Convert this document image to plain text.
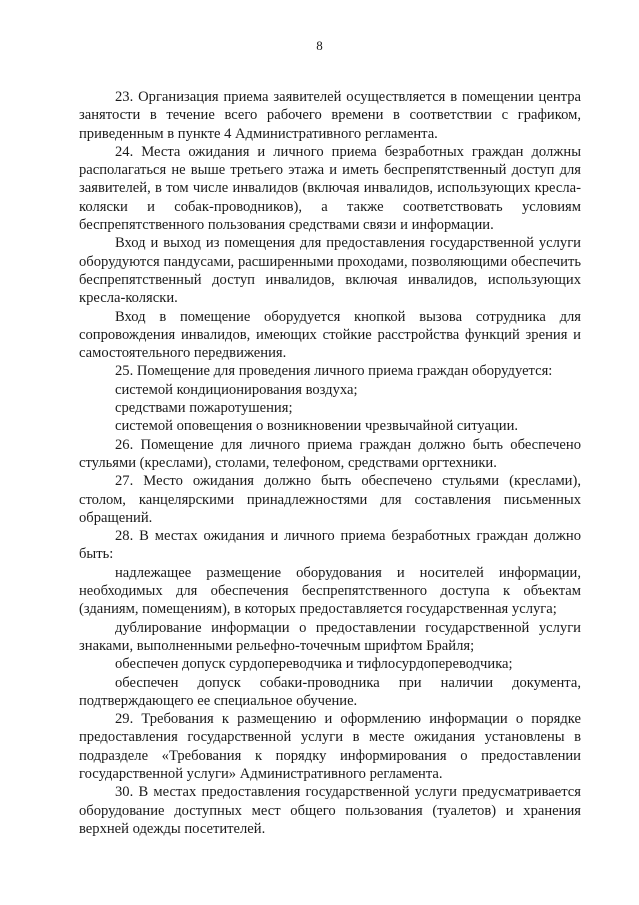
8

23. Организация приема заявителей осуществляется в помещении центра занятости в течение всего рабочего времени в соответствии с графиком, приведенным в пункте 4 Административного регламента.

24. Места ожидания и личного приема безработных граждан должны располагаться не выше третьего этажа и иметь беспрепятственный доступ для заявителей, в том числе инвалидов (включая инвалидов, использующих кресла-коляски и собак-проводников), а также соответствовать условиям беспрепятственного пользования средствами связи и информации.

Вход и выход из помещения для предоставления государственной услуги оборудуются пандусами, расширенными проходами, позволяющими обеспечить беспрепятственный доступ инвалидов, включая инвалидов, использующих кресла-коляски.

Вход в помещение оборудуется кнопкой вызова сотрудника для сопровождения инвалидов, имеющих стойкие расстройства функций зрения и самостоятельного передвижения.

25. Помещение для проведения личного приема граждан оборудуется:

системой кондиционирования воздуха;

средствами пожаротушения;

системой оповещения о возникновении чрезвычайной ситуации.

26. Помещение для личного приема граждан должно быть обеспечено стульями (креслами), столами, телефоном, средствами оргтехники.

27. Место ожидания должно быть обеспечено стульями (креслами), столом, канцелярскими принадлежностями для составления письменных обращений.

28. В местах ожидания и личного приема безработных граждан должно быть:

надлежащее размещение оборудования и носителей информации, необходимых для обеспечения беспрепятственного доступа к объектам (зданиям, помещениям), в которых предоставляется государственная услуга;

дублирование информации о предоставлении государственной услуги знаками, выполненными рельефно-точечным шрифтом Брайля;

обеспечен допуск сурдопереводчика и тифлосурдопереводчика;

обеспечен допуск собаки-проводника при наличии документа, подтверждающего ее специальное обучение.

29. Требования к размещению и оформлению информации о порядке предоставления государственной услуги в месте ожидания установлены в подразделе «Требования к порядку информирования о предоставлении государственной услуги» Административного регламента.

30. В местах предоставления государственной услуги предусматривается оборудование доступных мест общего пользования (туалетов) и хранения верхней одежды посетителей.
